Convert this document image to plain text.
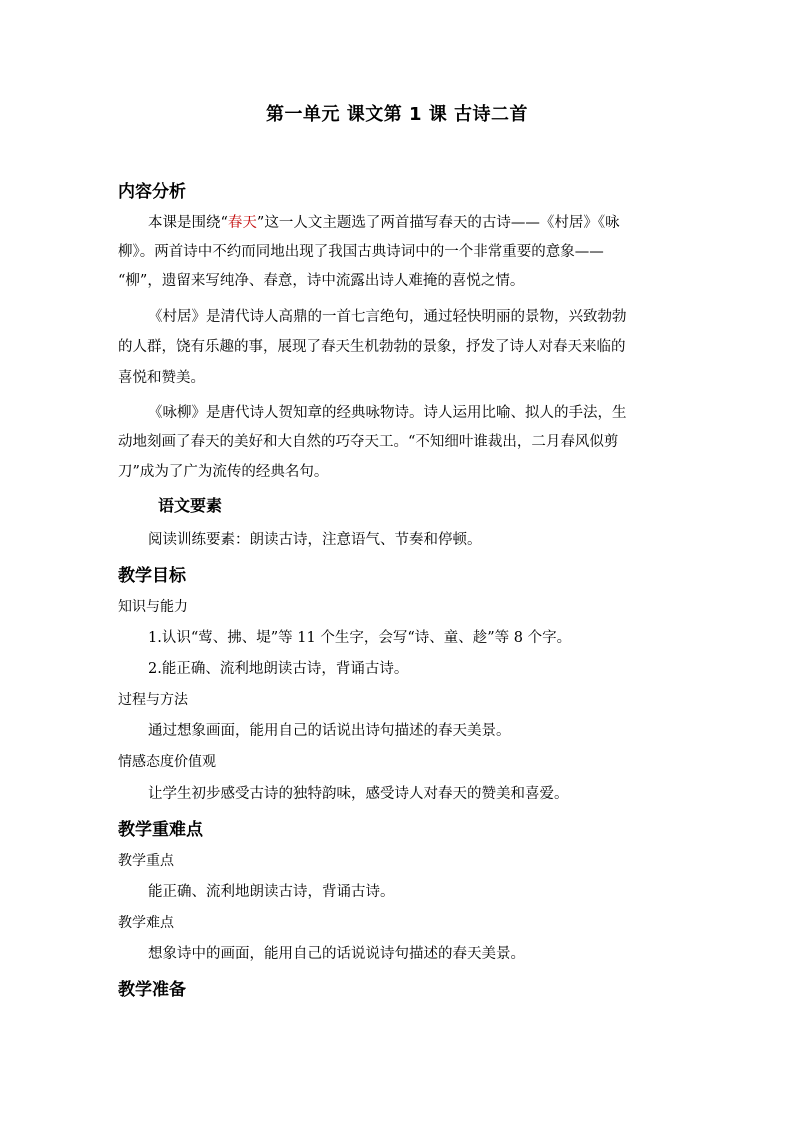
第一单元 课文第 1 课 古诗二首
内容分析
本课是围绕“春天”这一人文主题选了两首描写春天的古诗——《村居》《咏
柳》。两首诗中不约而同地出现了我国古典诗词中的一个非常重要的意象——
“柳”，遗留来写纯净、春意，诗中流露出诗人难掩的喜悦之情。
《村居》是清代诗人高鼎的一首七言绝句，通过轻快明丽的景物，兴致勃勃
的人群，饶有乐趣的事，展现了春天生机勃勃的景象，抒发了诗人对春天来临的
喜悦和赞美。
《咏柳》是唐代诗人贺知章的经典咏物诗。诗人运用比喻、拟人的手法，生
动地刻画了春天的美好和大自然的巧夺天工。“不知细叶谁裁出，二月春风似剪
刀”成为了广为流传的经典名句。
语文要素
阅读训练要素：朗读古诗，注意语气、节奏和停顿。
教学目标
知识与能力
1.认识“莺、拂、堤”等 11 个生字，会写“诗、童、趁”等 8 个字。
2.能正确、流利地朗读古诗，背诵古诗。
过程与方法
通过想象画面，能用自己的话说出诗句描述的春天美景。
情感态度价值观
让学生初步感受古诗的独特韵味，感受诗人对春天的赞美和喜爱。
教学重难点
教学重点
能正确、流利地朗读古诗，背诵古诗。
教学难点
想象诗中的画面，能用自己的话说说诗句描述的春天美景。
教学准备
